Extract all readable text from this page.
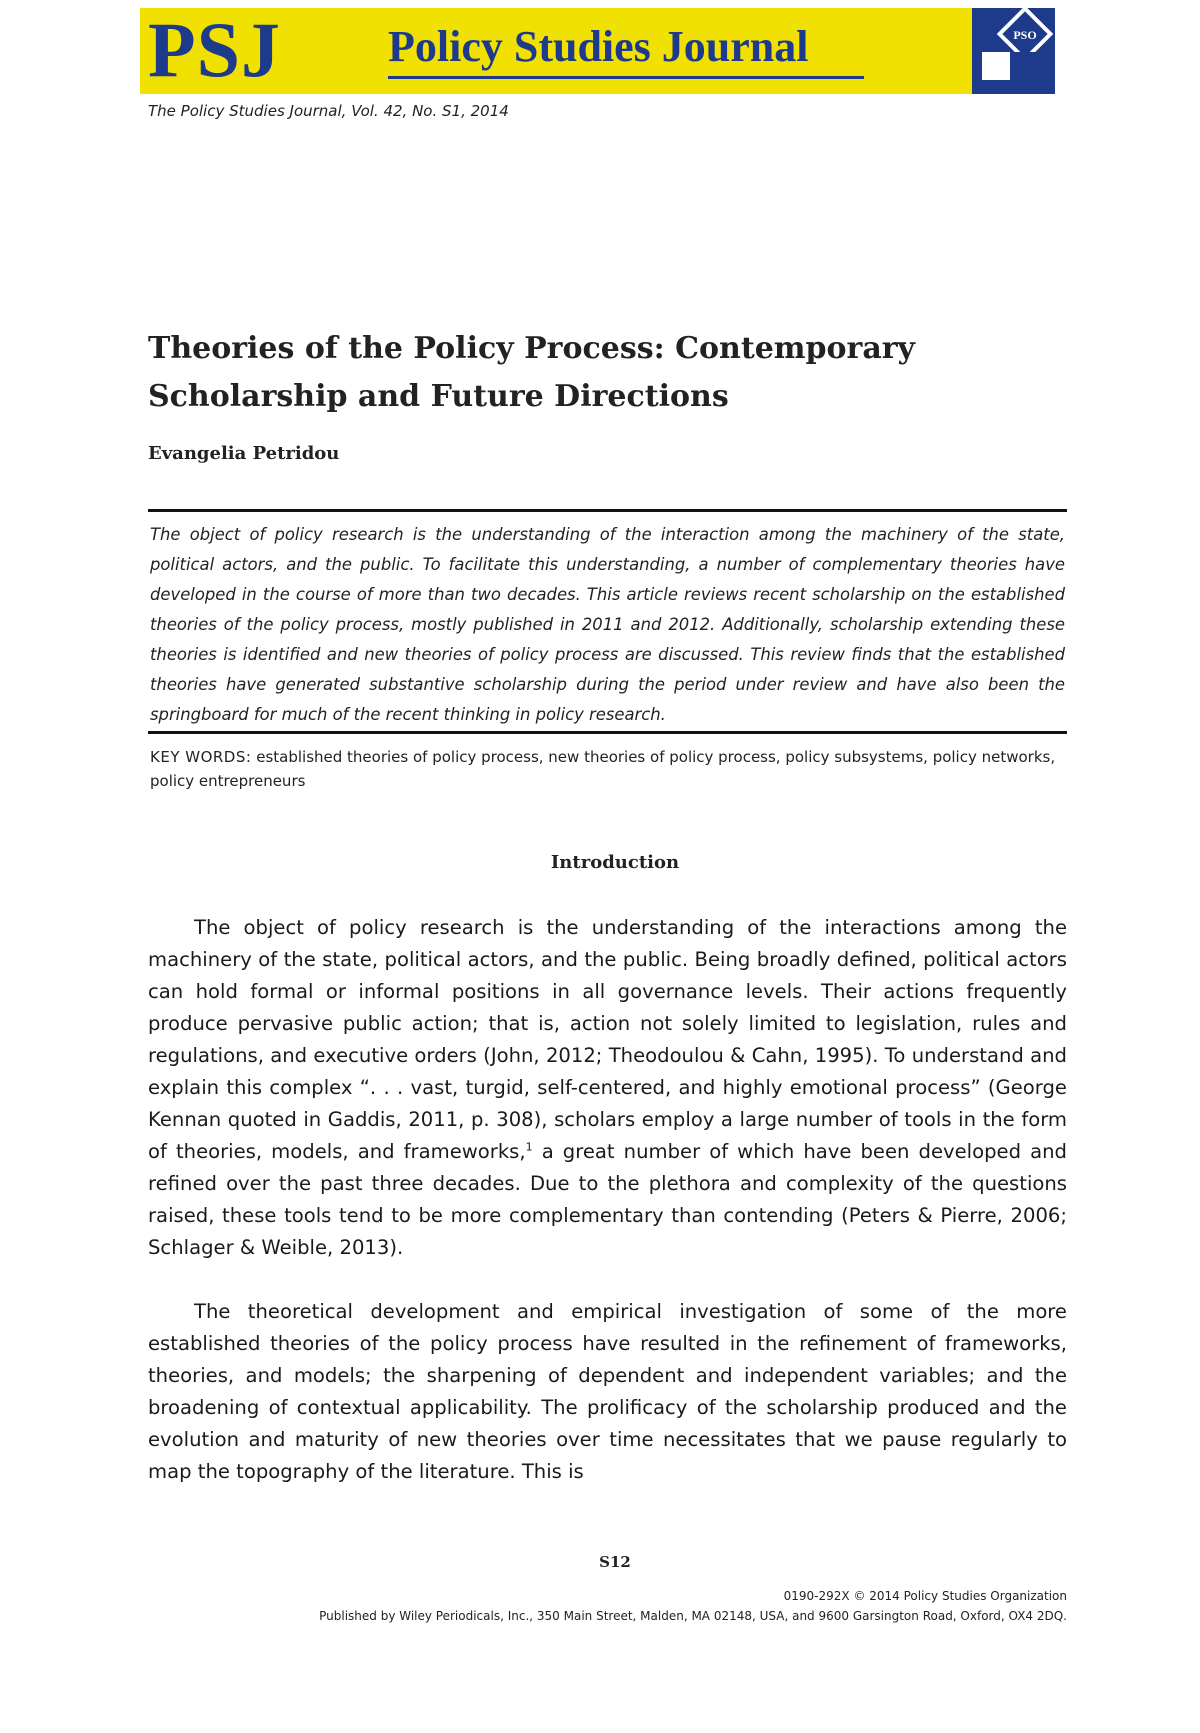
PSJ Policy Studies Journal	PSO
The Policy Studies Journal, Vol. 42, No. S1, 2014
Theories of the Policy Process: Contemporary Scholarship and Future Directions
Evangelia Petridou
The object of policy research is the understanding of the interaction among the machinery of the state, political actors, and the public. To facilitate this understanding, a number of complementary theories have developed in the course of more than two decades. This article reviews recent scholarship on the established theories of the policy process, mostly published in 2011 and 2012. Additionally, scholarship extending these theories is identified and new theories of policy process are discussed. This review finds that the established theories have generated substantive scholarship during the period under review and have also been the springboard for much of the recent thinking in policy research.
KEY WORDS: established theories of policy process, new theories of policy process, policy subsystems, policy networks, policy entrepreneurs
Introduction

The object of policy research is the understanding of the interactions among the machinery of the state, political actors, and the public. Being broadly defined, political actors can hold formal or informal positions in all governance levels. Their actions frequently produce pervasive public action; that is, action not solely limited to legislation, rules and regulations, and executive orders (John, 2012; Theodoulou & Cahn, 1995). To understand and explain this complex “. . . vast, turgid, self-centered, and highly emotional process” (George Kennan quoted in Gaddis, 2011, p. 308), scholars employ a large number of tools in the form of theories, models, and frameworks,$^1$ a great number of which have been developed and refined over the past three decades. Due to the plethora and complexity of the questions raised, these tools tend to be more complementary than contending (Peters & Pierre, 2006; Schlager & Weible, 2013).

The theoretical development and empirical investigation of some of the more established theories of the policy process have resulted in the refinement of frameworks, theories, and models; the sharpening of dependent and independent variables; and the broadening of contextual applicability. The prolificacy of the scholarship produced and the evolution and maturity of new theories over time necessitates that we pause regularly to map the topography of the literature. This is

S12
0190-292X © 2014 Policy Studies Organization
Published by Wiley Periodicals, Inc., 350 Main Street, Malden, MA 02148, USA, and 9600 Garsington Road, Oxford, OX4 2DQ.
